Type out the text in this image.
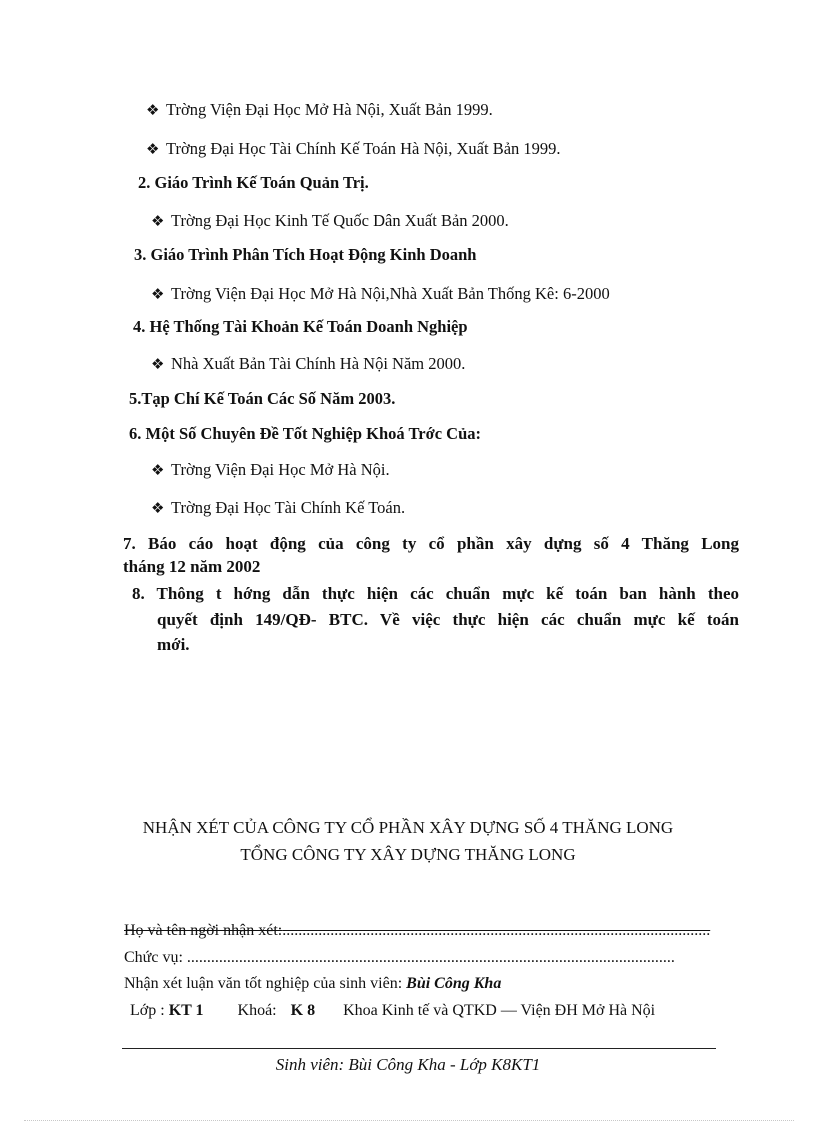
❖ Trờng Viện Đại Học Mở Hà Nội, Xuất Bản 1999.
❖ Trờng Đại Học Tài Chính Kế Toán Hà Nội, Xuất Bản 1999.
2. Giáo Trình Kế Toán Quản Trị.
❖ Trờng Đại Học Kinh Tế Quốc Dân Xuất Bản 2000.
3. Giáo Trình Phân Tích Hoạt Động Kinh Doanh
❖ Trờng Viện Đại Học Mở Hà Nội,Nhà Xuất Bản Thống Kê: 6-2000
4. Hệ Thống Tài Khoản Kế Toán Doanh Nghiệp
❖ Nhà Xuất Bản Tài Chính Hà Nội Năm 2000.
5.Tạp Chí Kế Toán Các Số Năm 2003.
6. Một Số Chuyên Đề Tốt Nghiệp Khoá Trớc Của:
❖ Trờng Viện Đại Học Mở Hà Nội.
❖ Trờng Đại Học Tài Chính Kế Toán.
7. Báo cáo hoạt động của công ty cổ phần xây dựng số 4 Thăng Long
tháng 12 năm 2002
8. Thông t hớng dẫn thực hiện các chuẩn mực kế toán ban hành theo
quyết định 149/QĐ- BTC. Về việc thực hiện các chuẩn mực kế toán
mới.
NHẬN XÉT CỦA CÔNG TY CỔ PHẦN XÂY DỰNG SỐ 4 THĂNG LONG
TỔNG CÔNG TY XÂY DỰNG THĂNG LONG
Họ và tên ngời nhận xét:...........................................................................................................
Chức vụ: ..........................................................................................................................
Nhận xét luận văn tốt nghiệp của sinh viên: Bùi Công Kha
Lớp : KT 1 Khoá: K 8 Khoa Kinh tế và QTKD — Viện ĐH Mở Hà Nội
Sinh viên: Bùi Công Kha - Lớp K8KT1
